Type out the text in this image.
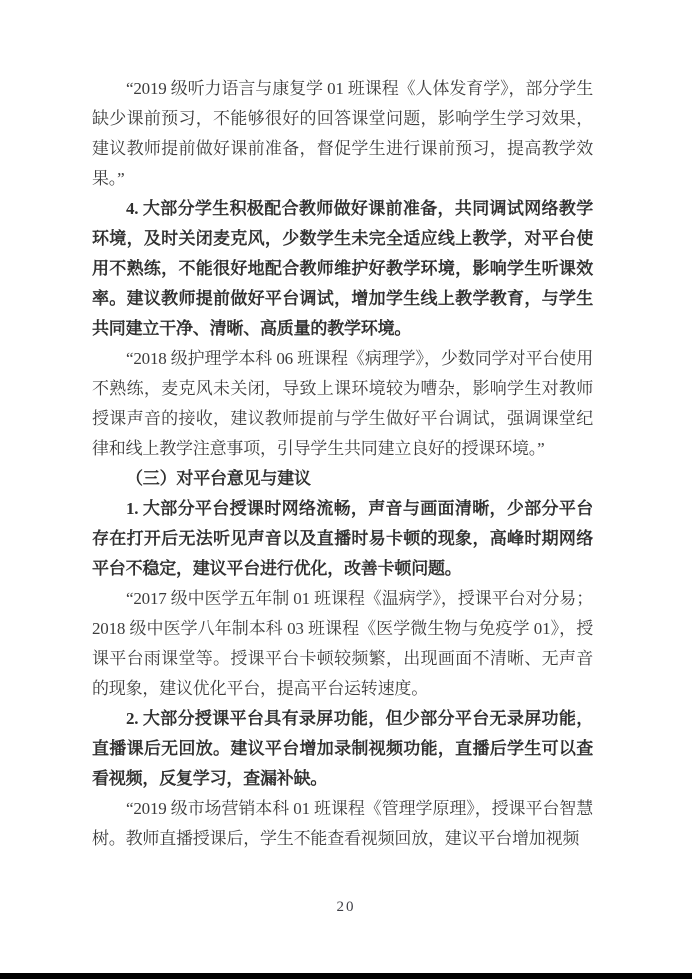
“2019 级听力语言与康复学 01 班课程《人体发育学》，部分学生缺少课前预习，不能够很好的回答课堂问题，影响学生学习效果，建议教师提前做好课前准备，督促学生进行课前预习，提高教学效果。”

4. 大部分学生积极配合教师做好课前准备，共同调试网络教学环境，及时关闭麦克风，少数学生未完全适应线上教学，对平台使用不熟练，不能很好地配合教师维护好教学环境，影响学生听课效率。建议教师提前做好平台调试，增加学生线上教学教育，与学生共同建立干净、清晰、高质量的教学环境。

“2018 级护理学本科 06 班课程《病理学》，少数同学对平台使用不熟练，麦克风未关闭，导致上课环境较为嘈杂，影响学生对教师授课声音的接收，建议教师提前与学生做好平台调试，强调课堂纪律和线上教学注意事项，引导学生共同建立良好的授课环境。”

（三）对平台意见与建议

1. 大部分平台授课时网络流畅，声音与画面清晰，少部分平台存在打开后无法听见声音以及直播时易卡顿的现象，高峰时期网络平台不稳定，建议平台进行优化，改善卡顿问题。

“2017 级中医学五年制 01 班课程《温病学》，授课平台对分易；2018 级中医学八年制本科 03 班课程《医学微生物与免疫学 01》，授课平台雨课堂等。授课平台卡顿较频繁，出现画面不清晰、无声音的现象，建议优化平台，提高平台运转速度。

2. 大部分授课平台具有录屏功能，但少部分平台无录屏功能，直播课后无回放。建议平台增加录制视频功能，直播后学生可以查看视频，反复学习，查漏补缺。

“2019 级市场营销本科 01 班课程《管理学原理》，授课平台智慧树。教师直播授课后，学生不能查看视频回放，建议平台增加视频

20
